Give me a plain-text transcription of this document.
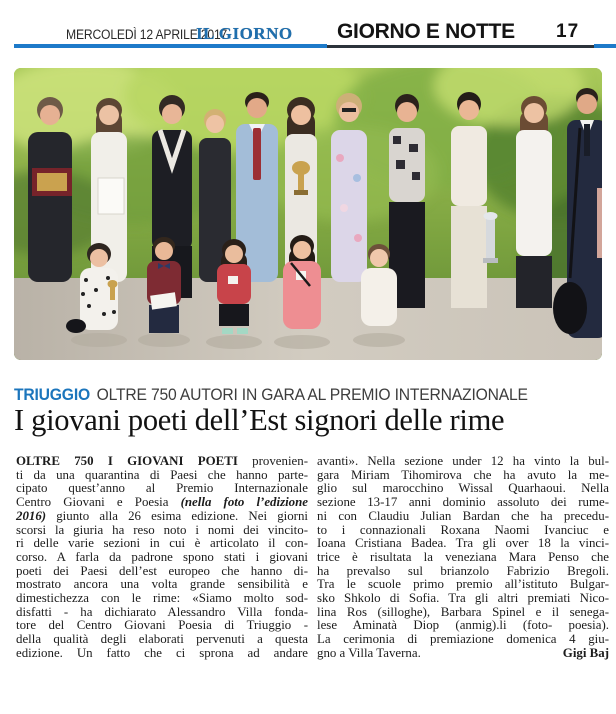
MERCOLEDÌ 12 APRILE 2017
IL GIORNO GIORNO E NOTTE 17
TRIUGGIO OLTRE 750 AUTORI IN GARA AL PREMIO INTERNAZIONALE
I giovani poeti dell’Est signori delle rime
OLTRE 750 I GIOVANI POETI provenien-
ti da una quarantina di Paesi che hanno parte-
cipato quest’anno al Premio Internazionale
Centro Giovani e Poesia (nella foto l’edizione
2016) giunto alla 26 esima edizione. Nei giorni
scorsi la giuria ha reso noto i nomi dei vincito-
ri delle varie sezioni in cui è articolato il con-
corso. A farla da padrone spono stati i giovani
poeti dei Paesi dell’est europeo che hanno di-
mostrato ancora una volta grande sensibilità e
dimestichezza con le rime: «Siamo molto sod-
disfatti - ha dichiarato Alessandro Villa fonda-
tore del Centro Giovani Poesia di Triuggio -
della qualità degli elaborati pervenuti a questa
edizione. Un fatto che ci sprona ad andare
avanti». Nella sezione under 12 ha vinto la bul-
gara Miriam Tihomirova che ha avuto la me-
glio sul marocchino Wissal Quarhaoui. Nella
sezione 13-17 anni dominio assoluto dei rume-
ni con Claudiu Julian Bardan che ha precedu-
to i connazionali Roxana Naomi Ivanciuc e
Ioana Cristiana Badea. Tra gli over 18 la vinci-
trice è risultata la veneziana Mara Penso che
ha prevalso sul brianzolo Fabrizio Bregoli.
Tra le scuole primo premio all’istituto Bulgar-
sko Shkolo di Sofia. Tra gli altri premiati Nico-
lina Ros (silloghe), Barbara Spinel e il senega-
lese Aminatà Diop (anmig).li (foto- poesia).
La cerimonia di premiazione domenica 4 giu-
gno a Villa Taverna.	Gigi Baj
